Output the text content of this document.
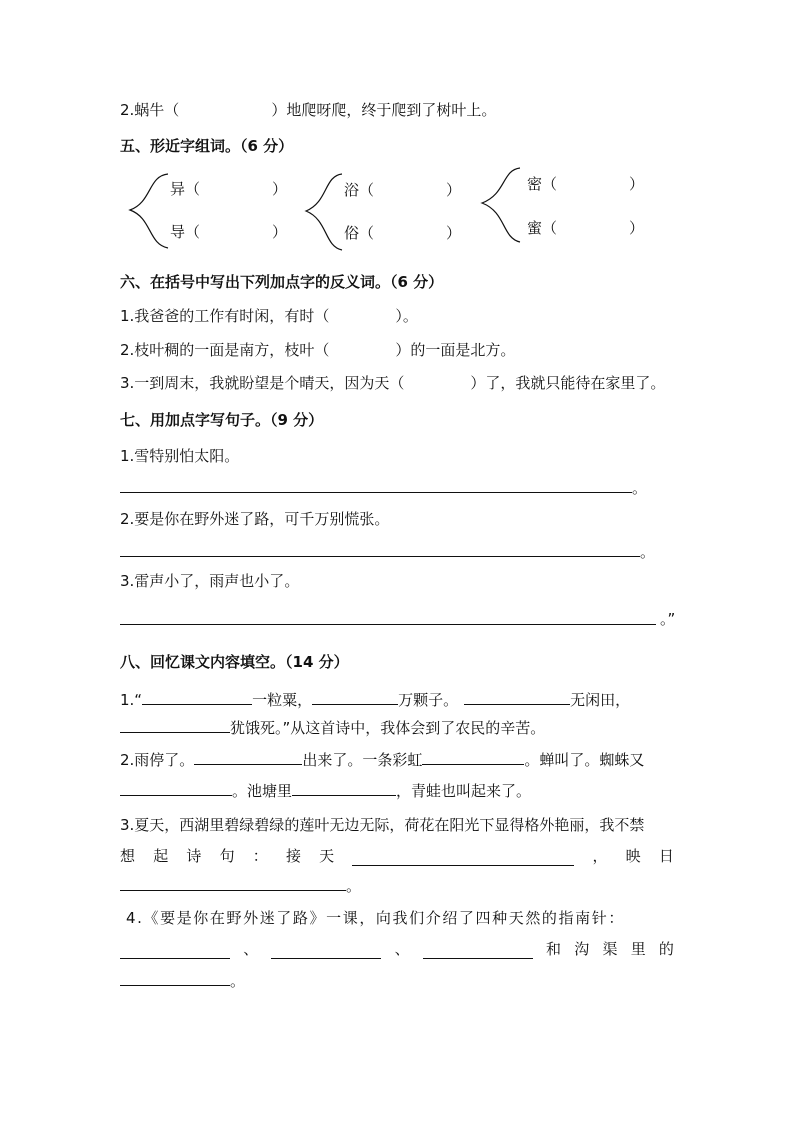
2.蜗牛（	）地爬呀爬，终于爬到了树叶上。
五、形近字组词。（6 分）
异（	）
导（	）
浴（	）
俗（	）
密（	）
蜜（	）
六、在括号中写出下列加点字的反义词。（6 分）
1.我爸爸的工作有时闲，有时（	）。
2.枝叶稠的一面是南方，枝叶（	）的一面是北方。
3.一到周末，我就盼望是个晴天，因为天（	）了，我就只能待在家里了。
七、用加点字写句子。（9 分）
1.雪特别怕太阳。
。
2.要是你在野外迷了路，可千万别慌张。
。
3.雷声小了，雨声也小了。
。”
八、回忆课文内容填空。（14 分）
1.“	一粒粟，	万颗子。	无闲田，
犹饿死。”从这首诗中，我体会到了农民的辛苦。
2.雨停了。	出来了。一条彩虹	。蝉叫了。蜘蛛又
。池塘里	，青蛙也叫起来了。
3.夏天，西湖里碧绿碧绿的莲叶无边无际，荷花在阳光下显得格外艳丽，我不禁
想 起 诗 句 ： 接 天	， 映 日
。
4.《要是你在野外迷了路》一课，向我们介绍了四种天然的指南针：
、	、	和 沟 渠 里 的
。
